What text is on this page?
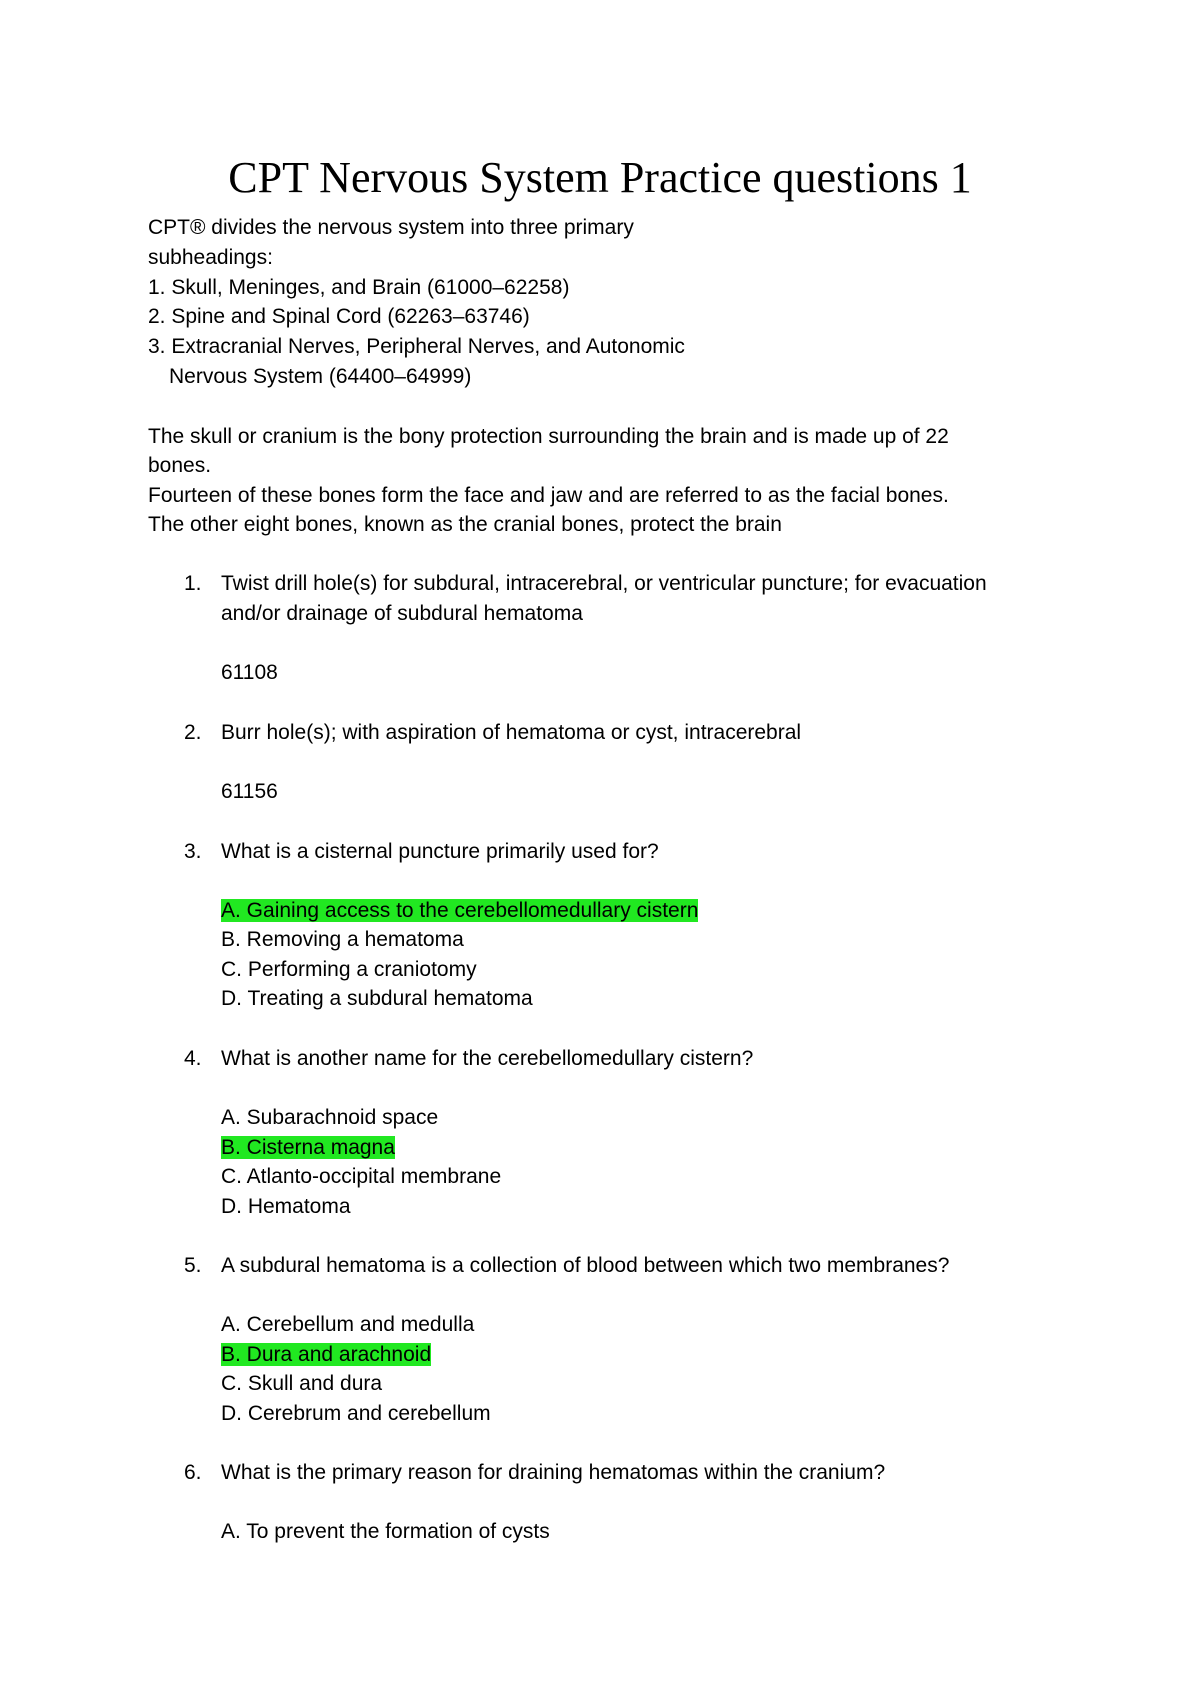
CPT Nervous System Practice questions 1
CPT® divides the nervous system into three primary
subheadings:
1. Skull, Meninges, and Brain (61000–62258)
2. Spine and Spinal Cord (62263–63746)
3. Extracranial Nerves, Peripheral Nerves, and Autonomic
Nervous System (64400–64999)
The skull or cranium is the bony protection surrounding the brain and is made up of 22
bones.
Fourteen of these bones form the face and jaw and are referred to as the facial bones.
The other eight bones, known as the cranial bones, protect the brain
1. Twist drill hole(s) for subdural, intracerebral, or ventricular puncture; for evacuation
and/or drainage of subdural hematoma
61108
2. Burr hole(s); with aspiration of hematoma or cyst, intracerebral
61156
3. What is a cisternal puncture primarily used for?
A. Gaining access to the cerebellomedullary cistern
B. Removing a hematoma
C. Performing a craniotomy
D. Treating a subdural hematoma
4. What is another name for the cerebellomedullary cistern?
A. Subarachnoid space
B. Cisterna magna
C. Atlanto-occipital membrane
D. Hematoma
5. A subdural hematoma is a collection of blood between which two membranes?
A. Cerebellum and medulla
B. Dura and arachnoid
C. Skull and dura
D. Cerebrum and cerebellum
6. What is the primary reason for draining hematomas within the cranium?
A. To prevent the formation of cysts
